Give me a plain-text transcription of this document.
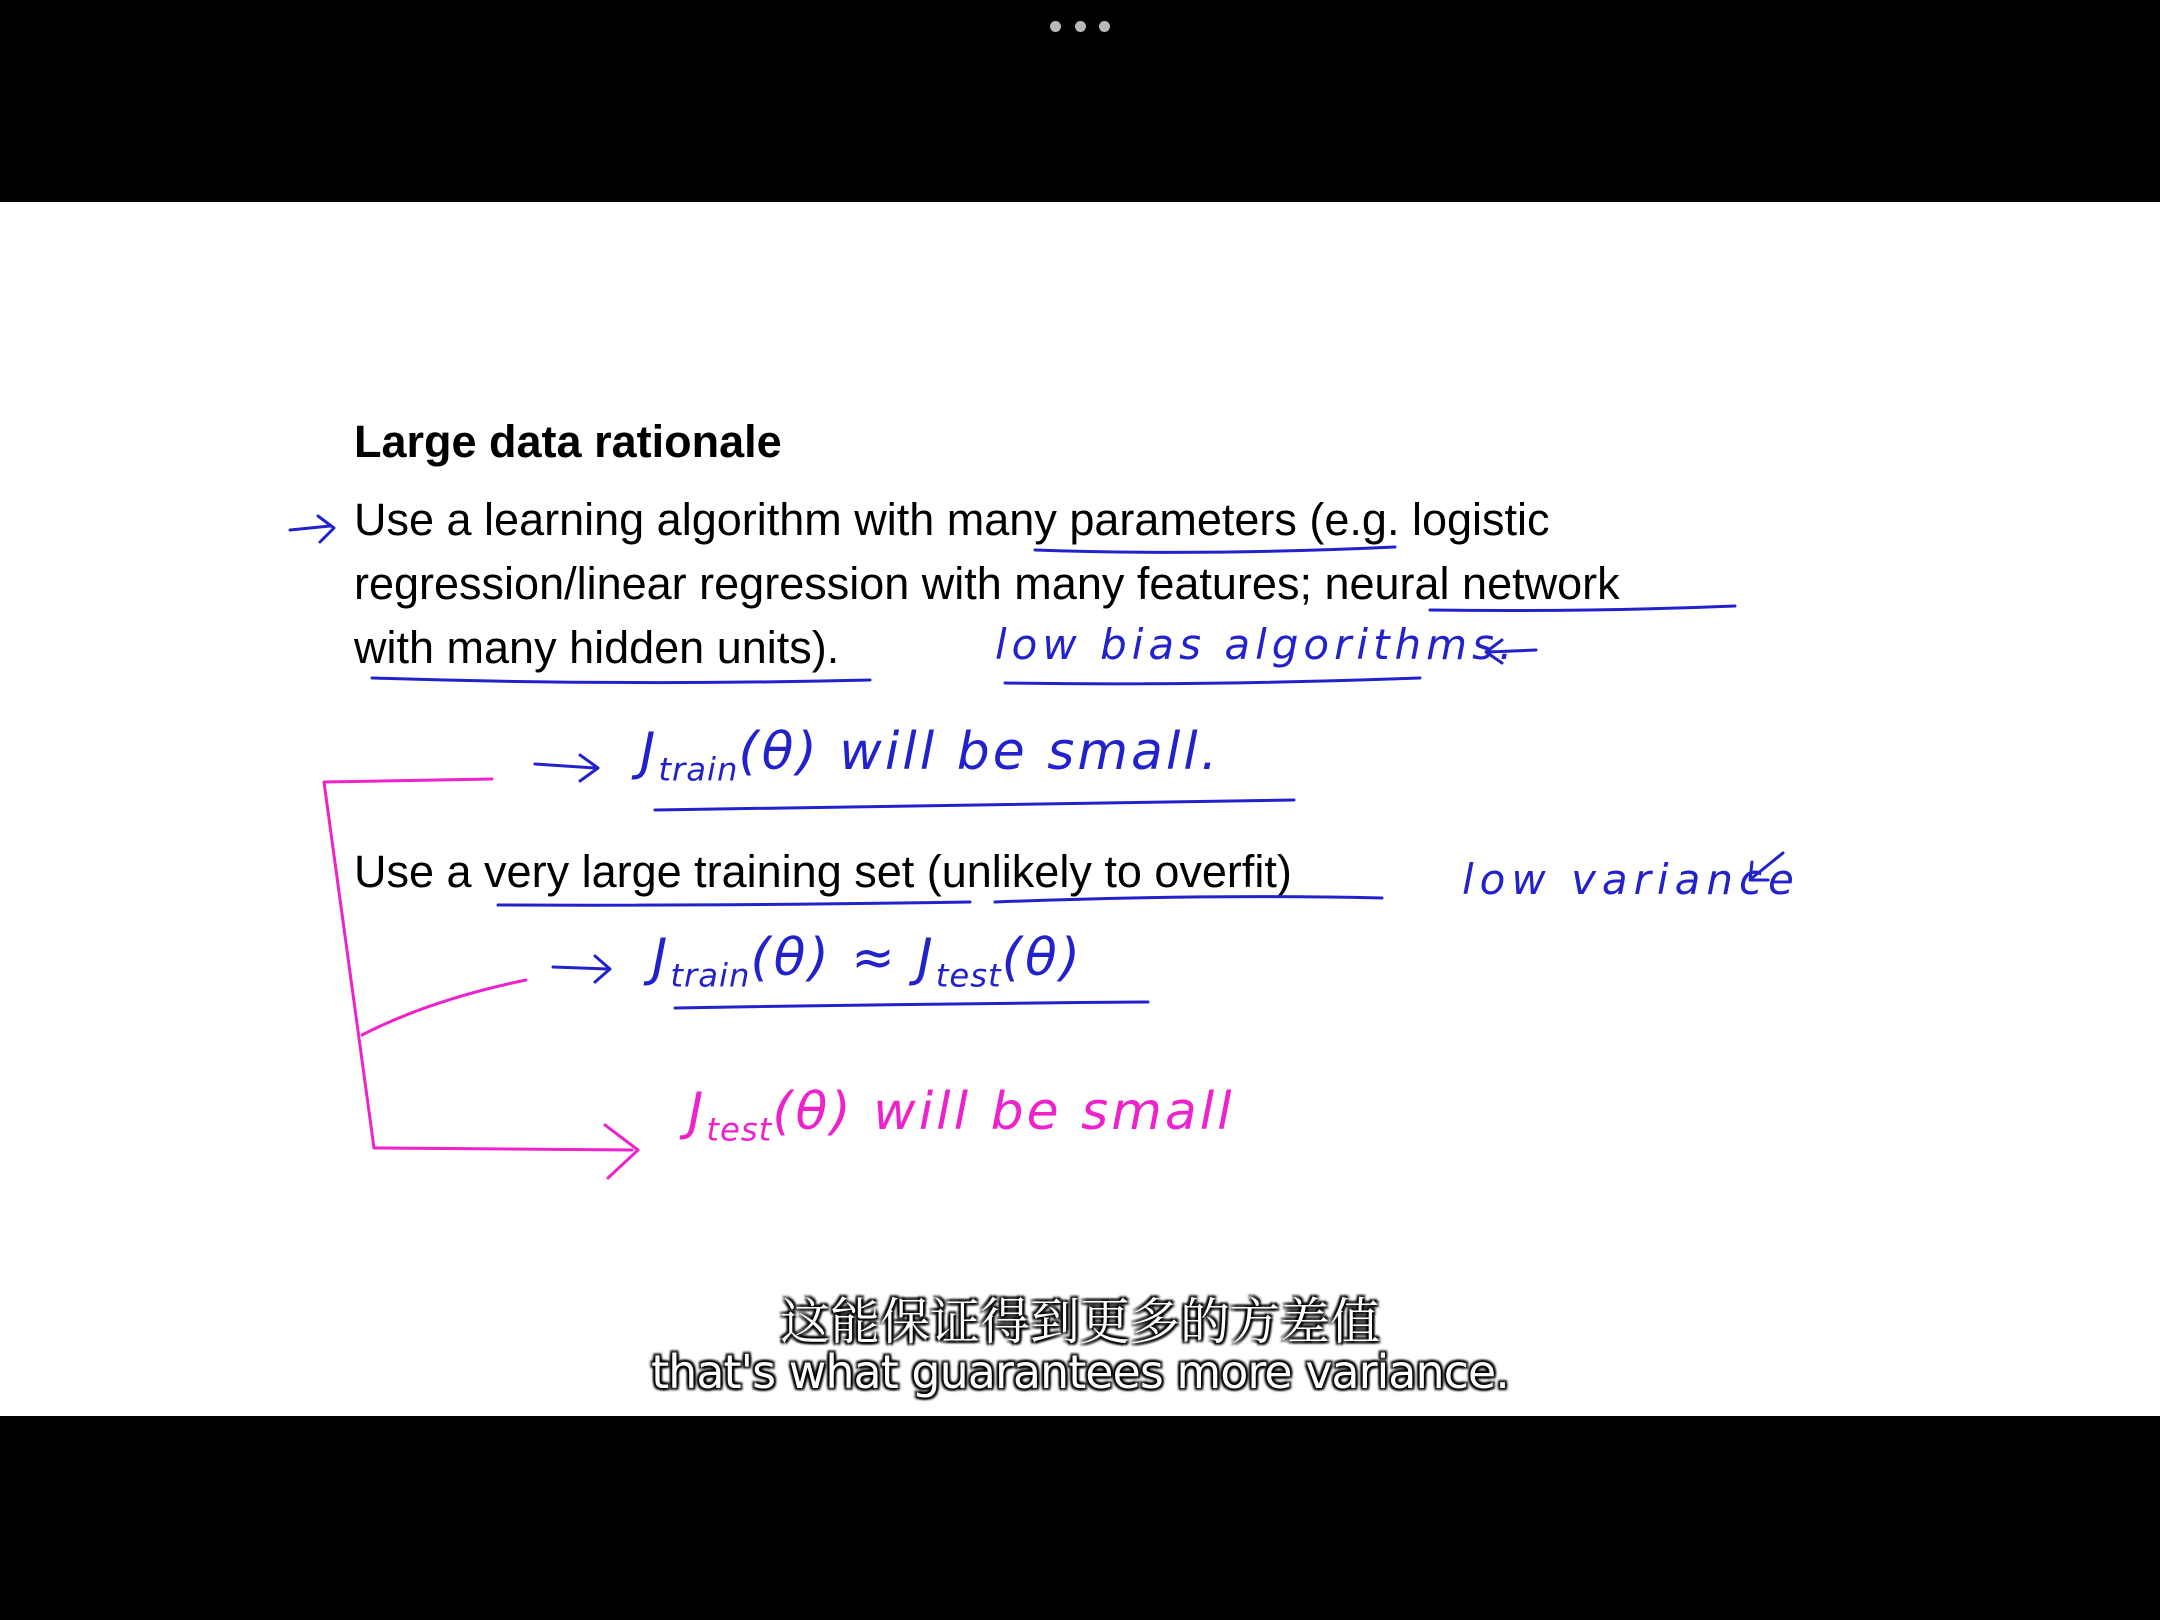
Large data rationale
Use a learning algorithm with many parameters (e.g. logistic
regression/linear regression with many features; neural network
with many hidden units).
Use a very large training set (unlikely to overfit)
low bias algorithms.
$J_{train}(\theta)$ will be small.
low variance
$J_{train}(\theta) \approx J_{test}(\theta)$
$J_{test}(\theta)$ will be small
这能保证得到更多的方差值
that's what guarantees more variance.
